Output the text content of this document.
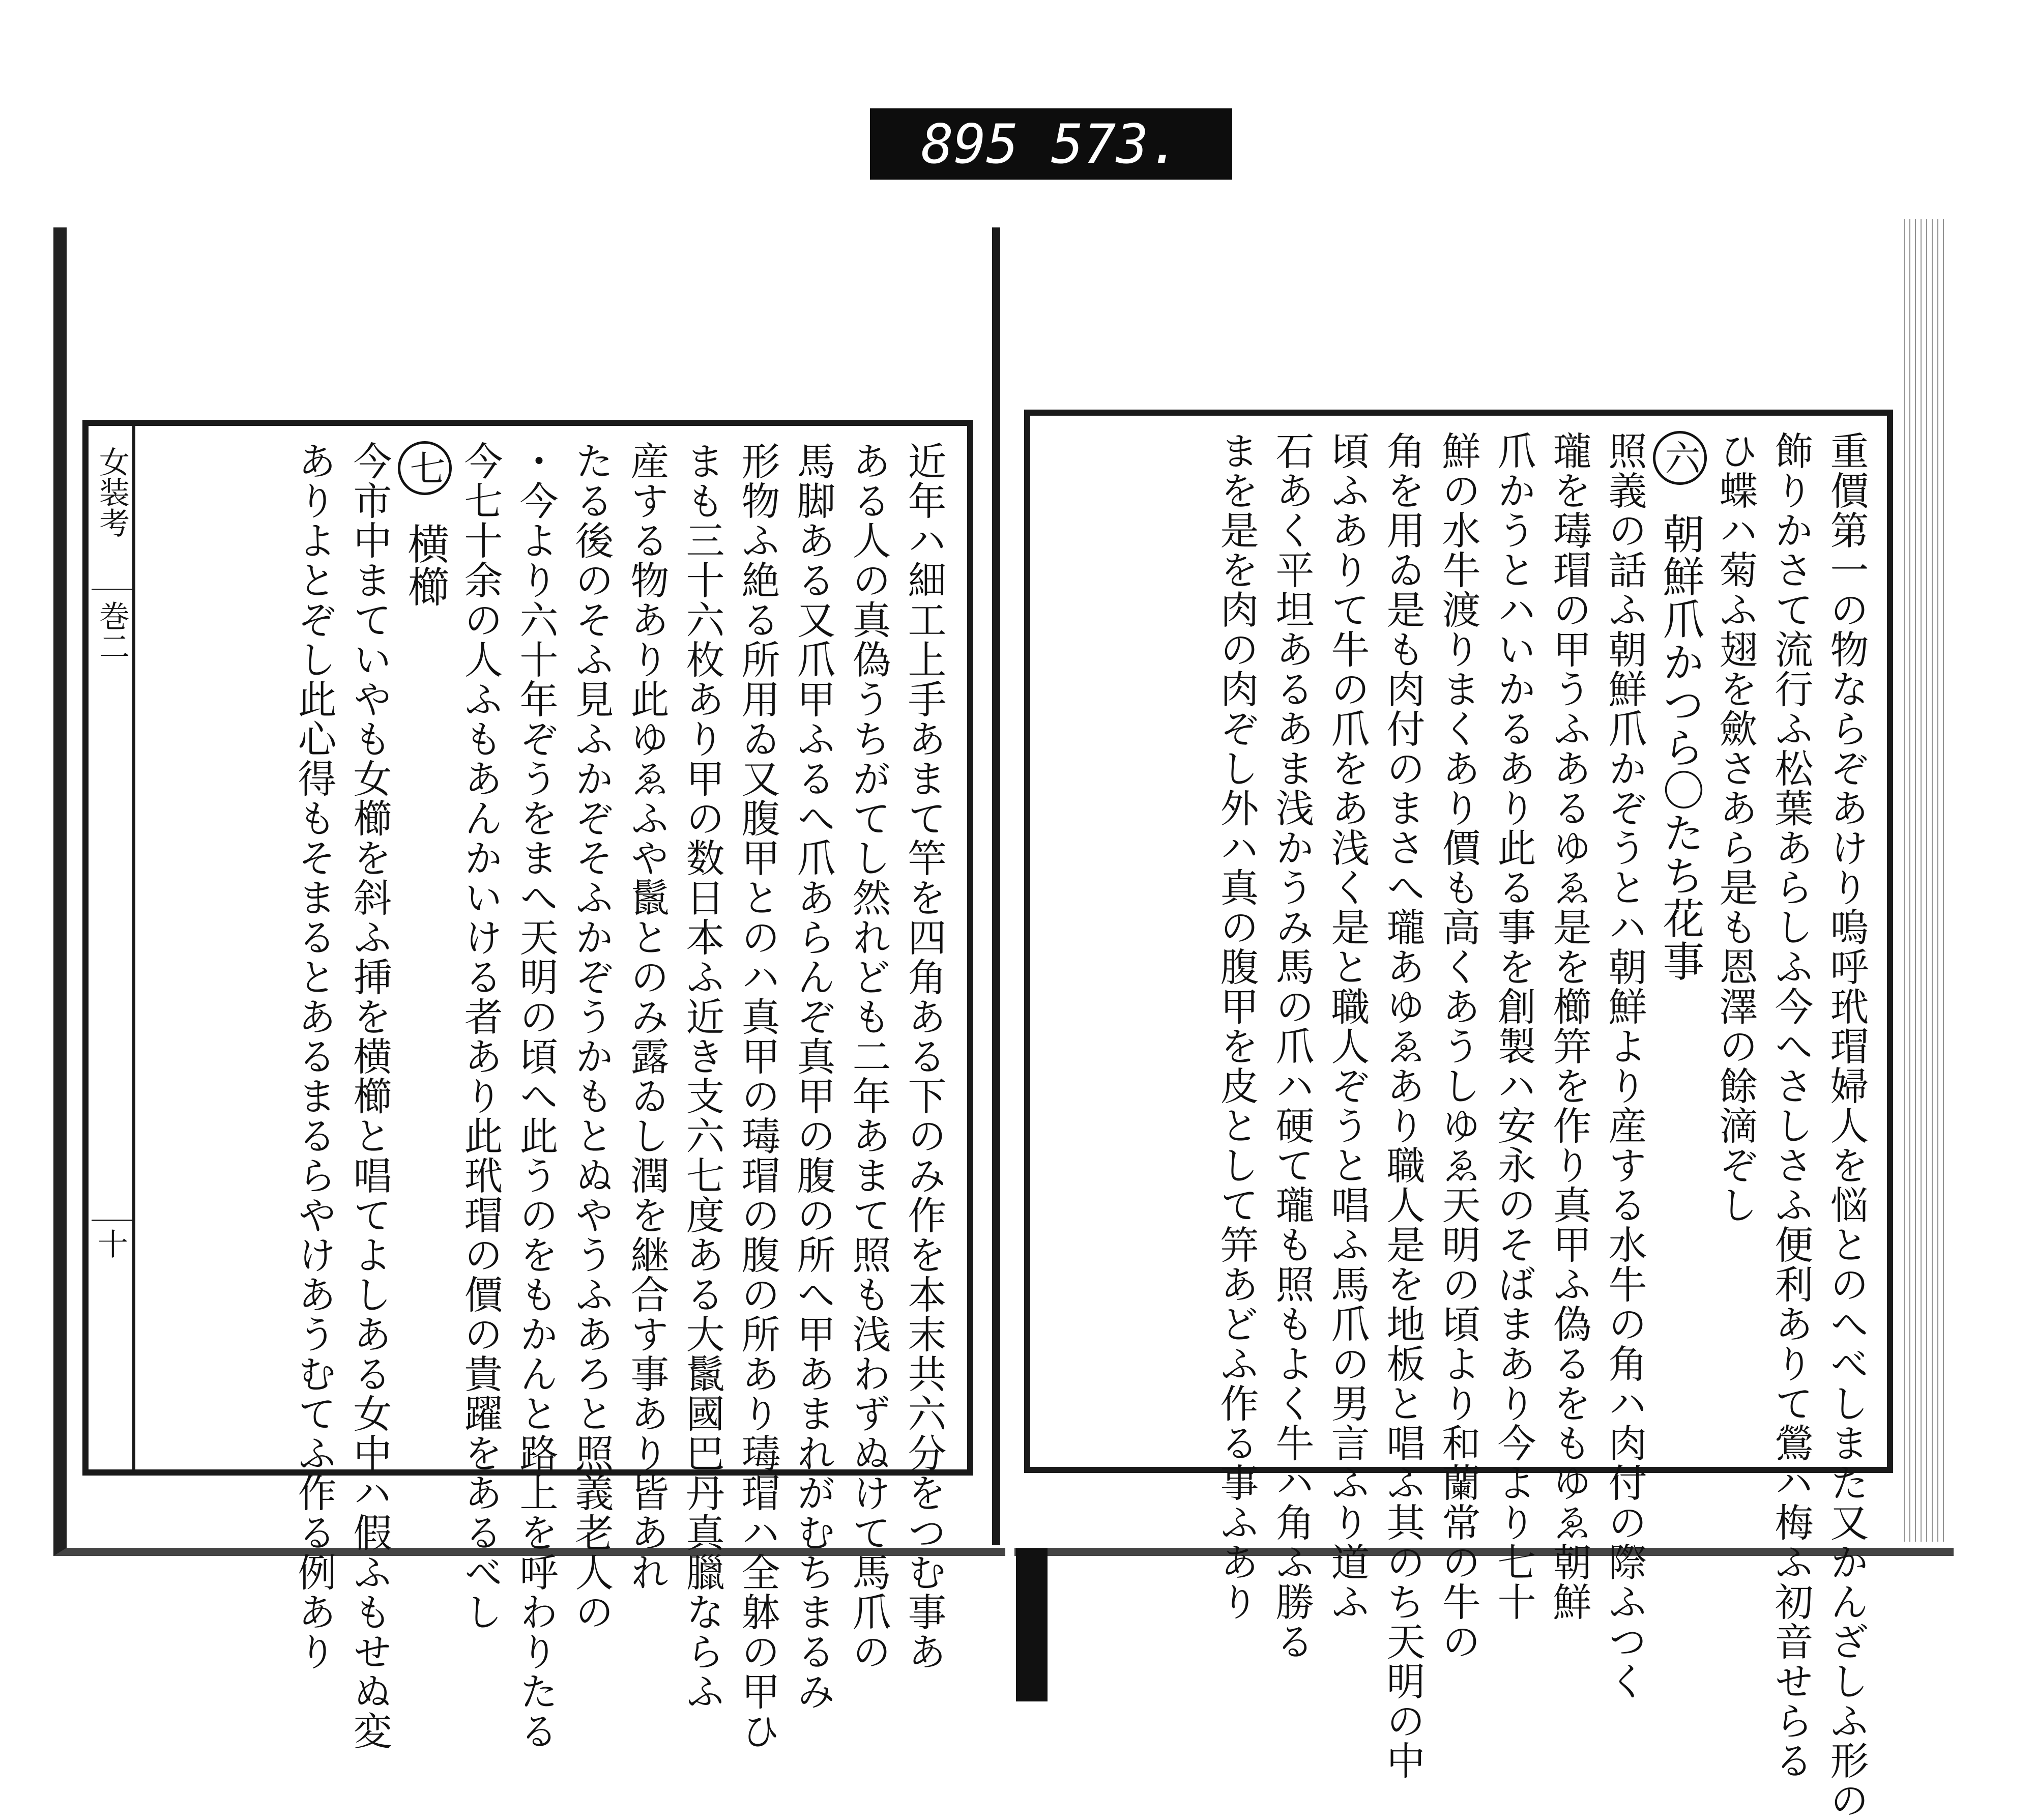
895 573.
女装考
巻二
十	近年ハ細工上手あまて竿を四角ある下のみ作を本末共六分をつむ事あ
ある人の真偽うちがてし然れども二年あまて照も浅わずぬけて馬爪の
馬脚ある又爪甲ふるへ爪あらんぞ真甲の腹の所へ甲あまれがむちまるみ
形物ふ絶る所用ゐ又腹甲とのハ真甲の瑇瑁の腹の所あり瑇瑁ハ全躰の甲ひ
まも三十六枚あり甲の数日本ふ近き支六七度ある大鬛國巴丹真臘ならふ
産する物あり此ゆゑふや鬛とのみ露ゐし潤を継合す事あり皆あれ
たる後のそふ見ふかぞそふかぞうかもとぬやうふあろと照義老人の
・今より六十年ぞうをまへ天明の頃へ此うのをもかんと路上を呼わりたる
今七十余の人ふもあんかいける者あり此玳瑁の價の貴躍をあるべし
七横櫛
今市中まていやも女櫛を斜ふ挿を横櫛と唱てよしある女中ハ假ふもせぬ変
ありよとぞし此心得もそまるとあるまるらやけあうむてふ作る例あり	重價第一の物ならぞあけり嗚呼玳瑁婦人を悩とのへべしまた又かんざしふ形の
飾りかさて流行ふ松葉あらしふ今へさしさふ便利ありて鶯ハ梅ふ初音せらる
ひ蝶ハ菊ふ翅を歛さあら是も恩澤の餘滴ぞし
六朝鮮爪かつら〇たち花事
照義の話ふ朝鮮爪かぞうとハ朝鮮より産する水牛の角ハ肉付の際ふつく
瓏を瑇瑁の甲うふあるゆゑ是を櫛笄を作り真甲ふ偽るをもゆゑ朝鮮
爪かうとハいかるあり此る事を創製ハ安永のそばまあり今より七十
鮮の水牛渡りまくあり價も高くあうしゆゑ天明の頃より和蘭常の牛の
角を用ゐ是も肉付のまさへ瓏あゆゑあり職人是を地板と唱ふ其のち天明の中
頃ふありて牛の爪をあ浅く是と職人ぞうと唱ふ馬爪の男言ふり道ふ
石あく平坦あるあま浅かうみ馬の爪ハ硬て瓏も照もよく牛ハ角ふ勝る
まを是を肉の肉ぞし外ハ真の腹甲を皮として笄あどふ作る事ふあり
